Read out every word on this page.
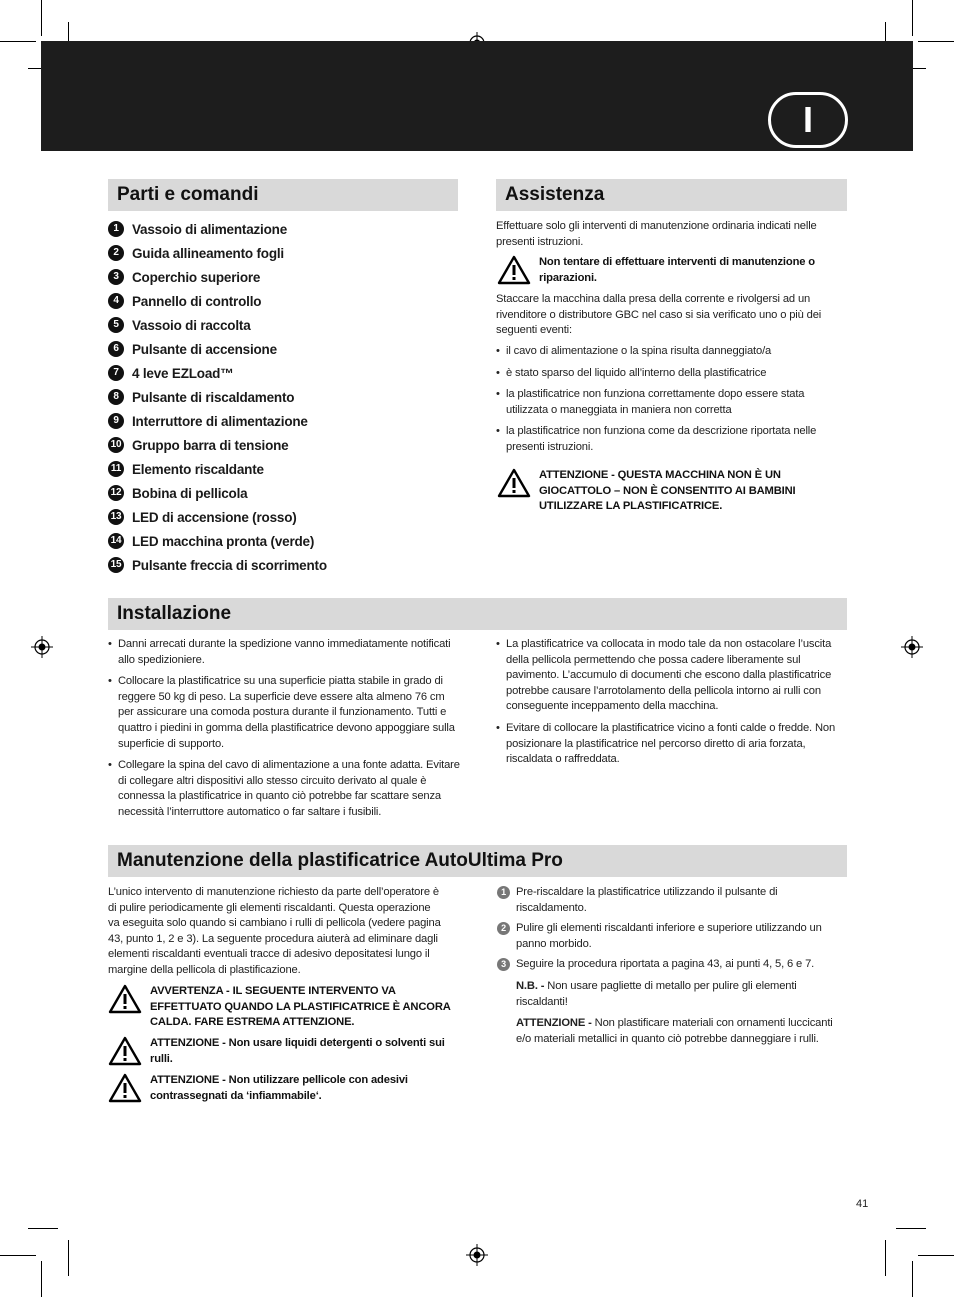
I
Parti e comandi
1 Vassoio di alimentazione
2 Guida allineamento fogli
3 Coperchio superiore
4 Pannello di controllo
5 Vassoio di raccolta
6 Pulsante di accensione
7 4 leve EZLoad™
8 Pulsante di riscaldamento
9 Interruttore di alimentazione
10 Gruppo barra di tensione
11 Elemento riscaldante
12 Bobina di pellicola
13 LED di accensione (rosso)
14 LED macchina pronta (verde)
15 Pulsante freccia di scorrimento
Assistenza
Effettuare solo gli interventi di manutenzione ordinaria indicati nelle presenti istruzioni.
Non tentare di effettuare interventi di manutenzione o riparazioni.
Staccare la macchina dalla presa della corrente e rivolgersi ad un rivenditore o distributore GBC nel caso si sia verificato uno o più dei seguenti eventi:
• il cavo di alimentazione o la spina risulta danneggiato/a
• è stato sparso del liquido all’interno della plastificatrice
• la plastificatrice non funziona correttamente dopo essere stata utilizzata o maneggiata in maniera non corretta
• la plastificatrice non funziona come da descrizione riportata nelle presenti istruzioni.
ATTENZIONE - QUESTA MACCHINA NON È UN GIOCATTOLO – NON È CONSENTITO AI BAMBINI UTILIZZARE LA PLASTIFICATRICE.
Installazione
• Danni arrecati durante la spedizione vanno immediatamente notificati allo spedizioniere.
• Collocare la plastificatrice su una superficie piatta stabile in grado di reggere 50 kg di peso. La superficie deve essere alta almeno 76 cm per assicurare una comoda postura durante il funzionamento. Tutti e quattro i piedini in gomma della plastificatrice devono appoggiare sulla superficie di supporto.
• Collegare la spina del cavo di alimentazione a una fonte adatta. Evitare di collegare altri dispositivi allo stesso circuito derivato al quale è connessa la plastificatrice in quanto ciò potrebbe far scattare senza necessità l’interruttore automatico o far saltare i fusibili.
• La plastificatrice va collocata in modo tale da non ostacolare l’uscita della pellicola permettendo che possa cadere liberamente sul pavimento. L’accumulo di documenti che escono dalla plastificatrice potrebbe causare l’arrotolamento della pellicola intorno ai rulli con conseguente inceppamento della macchina.
• Evitare di collocare la plastificatrice vicino a fonti calde o fredde. Non posizionare la plastificatrice nel percorso diretto di aria forzata, riscaldata o raffreddata.
Manutenzione della plastificatrice AutoUltima Pro
L’unico intervento di manutenzione richiesto da parte dell’operatore è di pulire periodicamente gli elementi riscaldanti. Questa operazione va eseguita solo quando si cambiano i rulli di pellicola (vedere pagina 43, punto 1, 2 e 3). La seguente procedura aiuterà ad eliminare dagli elementi riscaldanti eventuali tracce di adesivo depositatesi lungo il margine della pellicola di plastificazione.
AVVERTENZA - IL SEGUENTE INTERVENTO VA EFFETTUATO QUANDO LA PLASTIFICATRICE È ANCORA CALDA. FARE ESTREMA ATTENZIONE.
ATTENZIONE - Non usare liquidi detergenti o solventi sui rulli.
ATTENZIONE - Non utilizzare pellicole con adesivi contrassegnati da ‘infiammabile‘.
1 Pre-riscaldare la plastificatrice utilizzando il pulsante di riscaldamento.
2 Pulire gli elementi riscaldanti inferiore e superiore utilizzando un panno morbido.
3 Seguire la procedura riportata a pagina 43, ai punti 4, 5, 6 e 7.
N.B. - Non usare pagliette di metallo per pulire gli elementi riscaldanti!
ATTENZIONE - Non plastificare materiali con ornamenti luccicanti e/o materiali metallici in quanto ciò potrebbe danneggiare i rulli.
41
